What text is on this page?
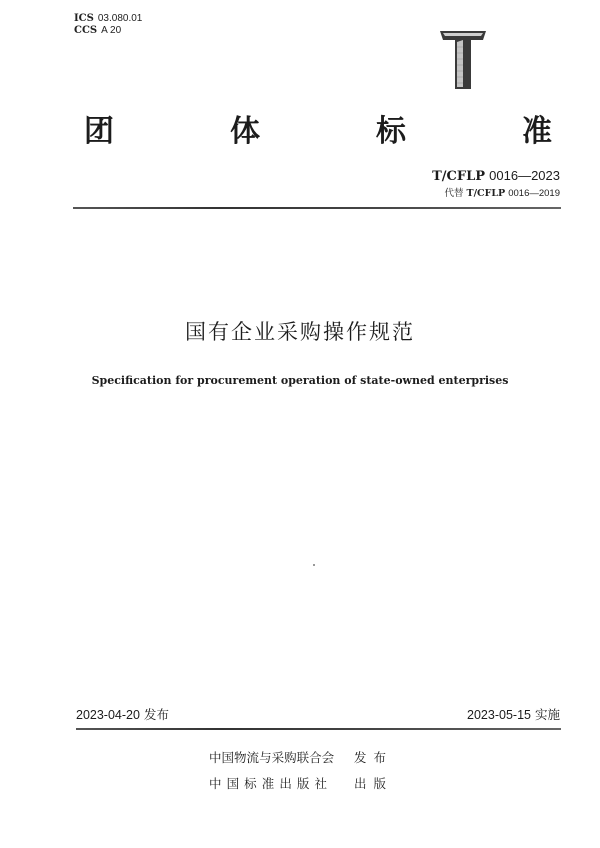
ICS 03.080.01
CCS A 20
团	体	标	准
T/CFLP 0016—2023
代替 T/CFLP 0016—2019
国有企业采购操作规范
Specification for procurement operation of state-owned enterprises
2023-04-20 发布	2023-05-15 实施
中 国 物 流 与 采 购 联 合 会 发布
中 国 标 准 出 版 社 出版
